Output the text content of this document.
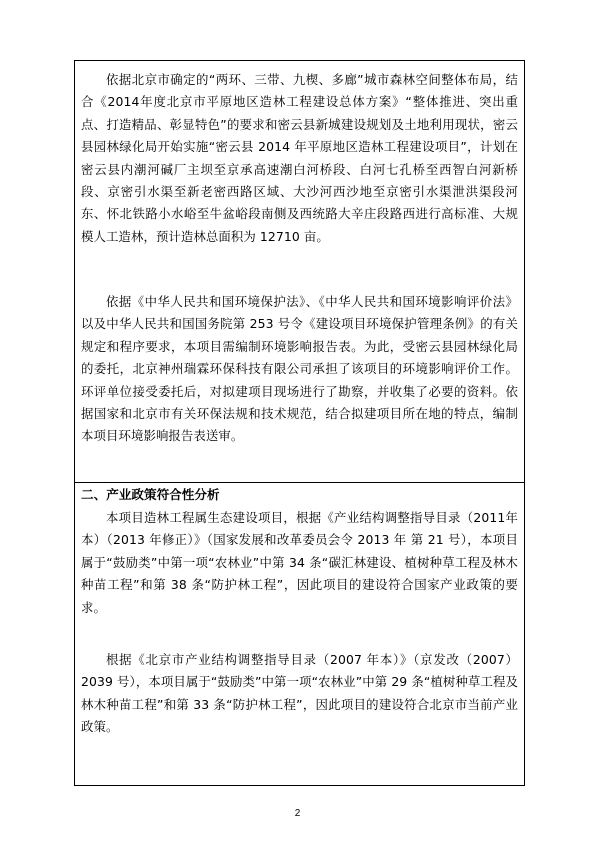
依据北京市确定的“两环、三带、九楔、多廊”城市森林空间整体布局，结合《2014年度北京市平原地区造林工程建设总体方案》“整体推进、突出重点、打造精品、彰显特色”的要求和密云县新城建设规划及土地利用现状，密云县园林绿化局开始实施“密云县 2014 年平原地区造林工程建设项目”，计划在密云县内潮河碱厂主坝至京承高速潮白河桥段、白河七孔桥至西智白河新桥段、京密引水渠至新老密西路区域、大沙河西沙地至京密引水渠泄洪渠段河东、怀北铁路小水峪至牛盆峪段南侧及西统路大辛庄段路西进行高标准、大规模人工造林，预计造林总面积为 12710 亩。

依据《中华人民共和国环境保护法》、《中华人民共和国环境影响评价法》以及中华人民共和国国务院第 253 号令《建设项目环境保护管理条例》的有关规定和程序要求，本项目需编制环境影响报告表。为此，受密云县园林绿化局的委托，北京神州瑞霖环保科技有限公司承担了该项目的环境影响评价工作。环评单位接受委托后，对拟建项目现场进行了勘察，并收集了必要的资料。依据国家和北京市有关环保法规和技术规范，结合拟建项目所在地的特点，编制本项目环境影响报告表送审。

二、产业政策符合性分析

本项目造林工程属生态建设项目，根据《产业结构调整指导目录（2011年本）（2013 年修正）》（国家发展和改革委员会令 2013 年 第 21 号），本项目属于“鼓励类”中第一项“农林业”中第 34 条“碳汇林建设、植树种草工程及林木种苗工程”和第 38 条“防护林工程”，因此项目的建设符合国家产业政策的要求。

根据《北京市产业结构调整指导目录（2007 年本）》（京发改（2007）2039 号），本项目属于“鼓励类”中第一项“农林业”中第 29 条“植树种草工程及林木种苗工程”和第 33 条“防护林工程”，因此项目的建设符合北京市当前产业政策。

2
